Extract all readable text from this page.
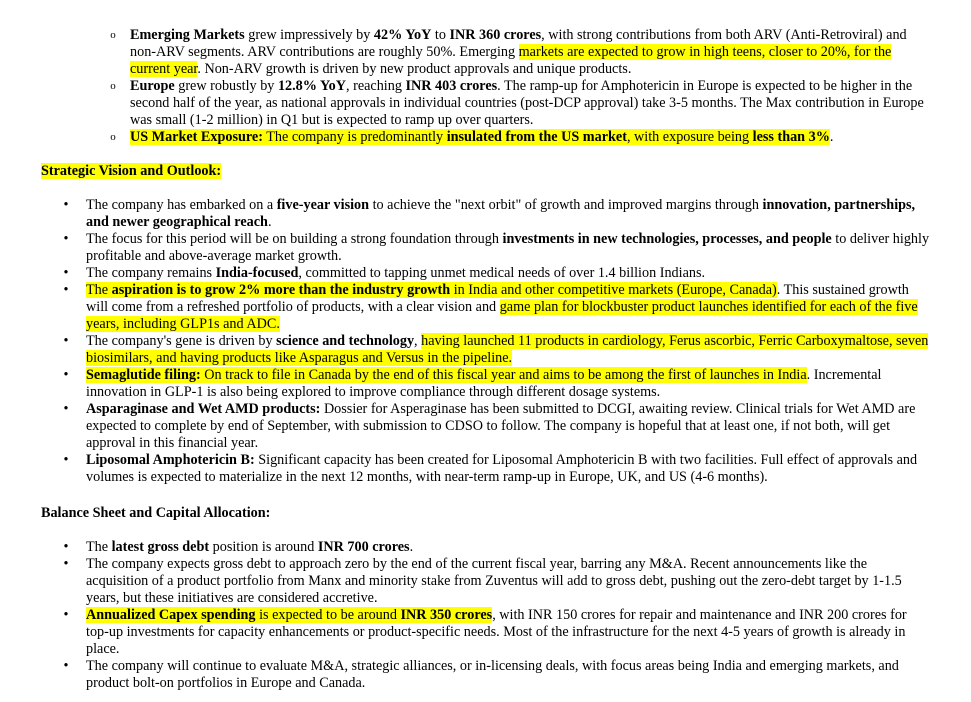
o Emerging Markets grew impressively by 42% YoY to INR 360 crores, with strong contributions from both ARV (Anti-Retroviral) and non-ARV segments. ARV contributions are roughly 50%. Emerging markets are expected to grow in high teens, closer to 20%, for the current year. Non-ARV growth is driven by new product approvals and unique products.
o Europe grew robustly by 12.8% YoY, reaching INR 403 crores. The ramp-up for Amphotericin in Europe is expected to be higher in the second half of the year, as national approvals in individual countries (post-DCP approval) take 3-5 months. The Max contribution in Europe was small (1-2 million) in Q1 but is expected to ramp up over quarters.
o US Market Exposure: The company is predominantly insulated from the US market, with exposure being less than 3%.
Strategic Vision and Outlook:
• The company has embarked on a five-year vision to achieve the "next orbit" of growth and improved margins through innovation, partnerships, and newer geographical reach.
• The focus for this period will be on building a strong foundation through investments in new technologies, processes, and people to deliver highly profitable and above-average market growth.
• The company remains India-focused, committed to tapping unmet medical needs of over 1.4 billion Indians.
• The aspiration is to grow 2% more than the industry growth in India and other competitive markets (Europe, Canada). This sustained growth will come from a refreshed portfolio of products, with a clear vision and game plan for blockbuster product launches identified for each of the five years, including GLP1s and ADC.
• The company's gene is driven by science and technology, having launched 11 products in cardiology, Ferus ascorbic, Ferric Carboxymaltose, seven biosimilars, and having products like Asparagus and Versus in the pipeline.
• Semaglutide filing: On track to file in Canada by the end of this fiscal year and aims to be among the first of launches in India. Incremental innovation in GLP-1 is also being explored to improve compliance through different dosage systems.
• Asparaginase and Wet AMD products: Dossier for Asperaginase has been submitted to DCGI, awaiting review. Clinical trials for Wet AMD are expected to complete by end of September, with submission to CDSO to follow. The company is hopeful that at least one, if not both, will get approval in this financial year.
• Liposomal Amphotericin B: Significant capacity has been created for Liposomal Amphotericin B with two facilities. Full effect of approvals and volumes is expected to materialize in the next 12 months, with near-term ramp-up in Europe, UK, and US (4-6 months).
Balance Sheet and Capital Allocation:
• The latest gross debt position is around INR 700 crores.
• The company expects gross debt to approach zero by the end of the current fiscal year, barring any M&A. Recent announcements like the acquisition of a product portfolio from Manx and minority stake from Zuventus will add to gross debt, pushing out the zero-debt target by 1-1.5 years, but these initiatives are considered accretive.
• Annualized Capex spending is expected to be around INR 350 crores, with INR 150 crores for repair and maintenance and INR 200 crores for top-up investments for capacity enhancements or product-specific needs. Most of the infrastructure for the next 4-5 years of growth is already in place.
• The company will continue to evaluate M&A, strategic alliances, or in-licensing deals, with focus areas being India and emerging markets, and product bolt-on portfolios in Europe and Canada.
